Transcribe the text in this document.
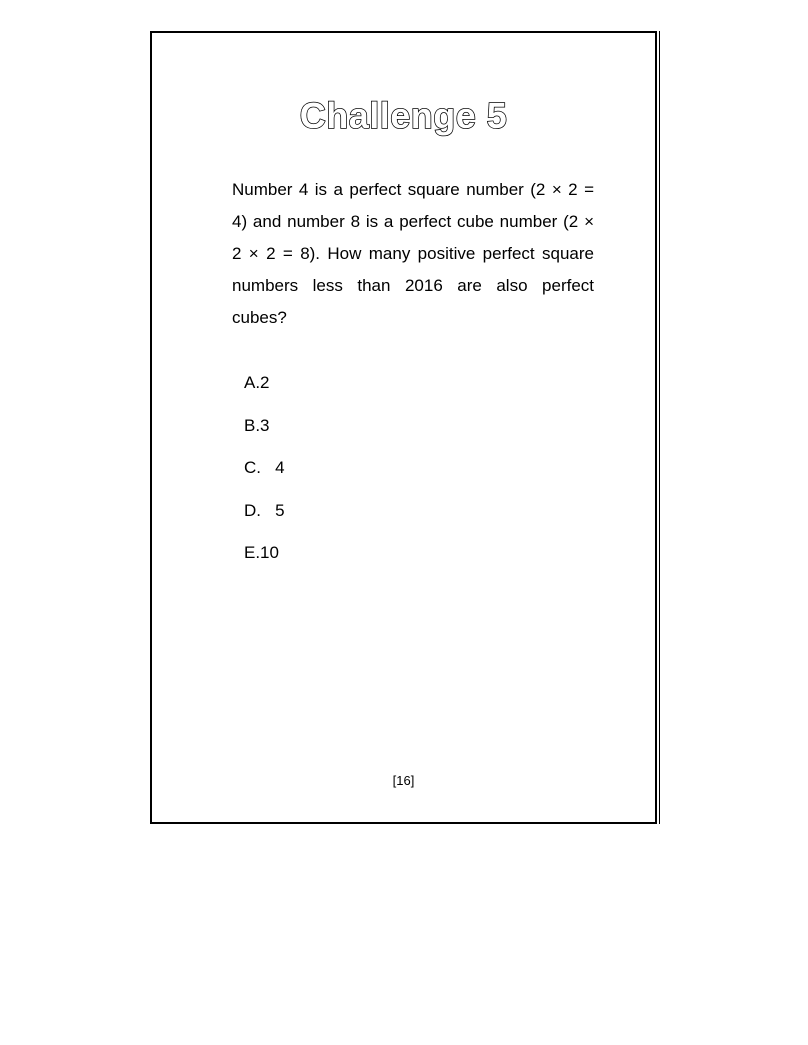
Challenge 5

Number 4 is a perfect square number (2 × 2 = 4) and number 8 is a perfect cube number (2 × 2 × 2 = 8). How many positive perfect square numbers less than 2016 are also perfect cubes?

A.2
B.3
C.   4
D.   5
E.10
[16]
